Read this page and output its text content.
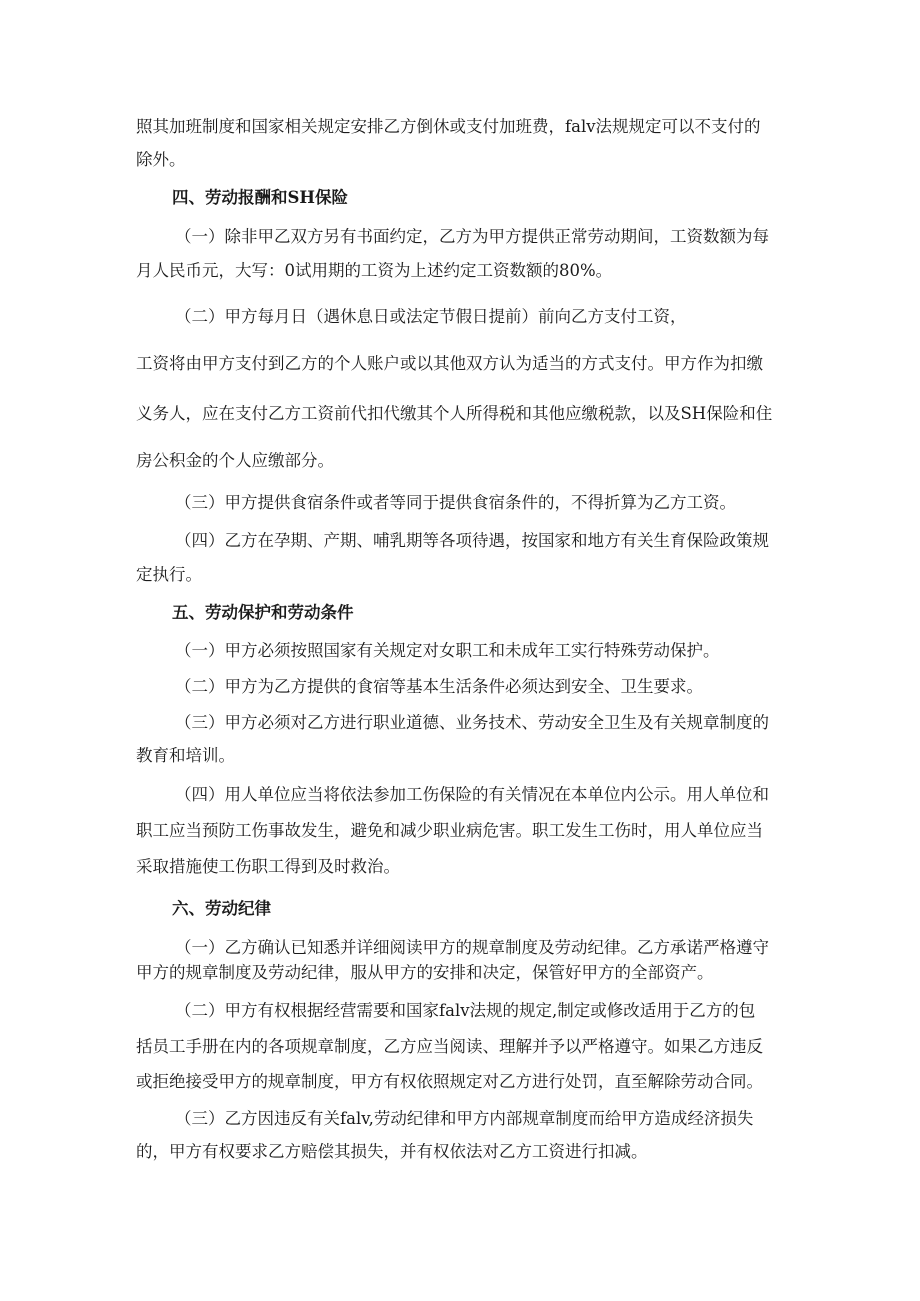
照其加班制度和国家相关规定安排乙方倒休或支付加班费，falv法规规定可以不支付的
除外。
四、劳动报酬和SH保险
（一）除非甲乙双方另有书面约定，乙方为甲方提供正常劳动期间，工资数额为每
月人民币元，大写：0试用期的工资为上述约定工资数额的80%。
（二）甲方每月日（遇休息日或法定节假日提前）前向乙方支付工资，
工资将由甲方支付到乙方的个人账户或以其他双方认为适当的方式支付。甲方作为扣缴
义务人，应在支付乙方工资前代扣代缴其个人所得税和其他应缴税款，以及SH保险和住
房公积金的个人应缴部分。
（三）甲方提供食宿条件或者等同于提供食宿条件的，不得折算为乙方工资。
（四）乙方在孕期、产期、哺乳期等各项待遇，按国家和地方有关生育保险政策规
定执行。
五、劳动保护和劳动条件
（一）甲方必须按照国家有关规定对女职工和未成年工实行特殊劳动保护。
（二）甲方为乙方提供的食宿等基本生活条件必须达到安全、卫生要求。
（三）甲方必须对乙方进行职业道德、业务技术、劳动安全卫生及有关规章制度的
教育和培训。
（四）用人单位应当将依法参加工伤保险的有关情况在本单位内公示。用人单位和
职工应当预防工伤事故发生，避免和减少职业病危害。职工发生工伤时，用人单位应当
采取措施使工伤职工得到及时救治。
六、劳动纪律
（一）乙方确认已知悉并详细阅读甲方的规章制度及劳动纪律。乙方承诺严格遵守
甲方的规章制度及劳动纪律，服从甲方的安排和决定，保管好甲方的全部资产。
（二）甲方有权根据经营需要和国家falv法规的规定,制定或修改适用于乙方的包
括员工手册在内的各项规章制度，乙方应当阅读、理解并予以严格遵守。如果乙方违反
或拒绝接受甲方的规章制度，甲方有权依照规定对乙方进行处罚，直至解除劳动合同。
（三）乙方因违反有关falv,劳动纪律和甲方内部规章制度而给甲方造成经济损失
的，甲方有权要求乙方赔偿其损失，并有权依法对乙方工资进行扣减。
